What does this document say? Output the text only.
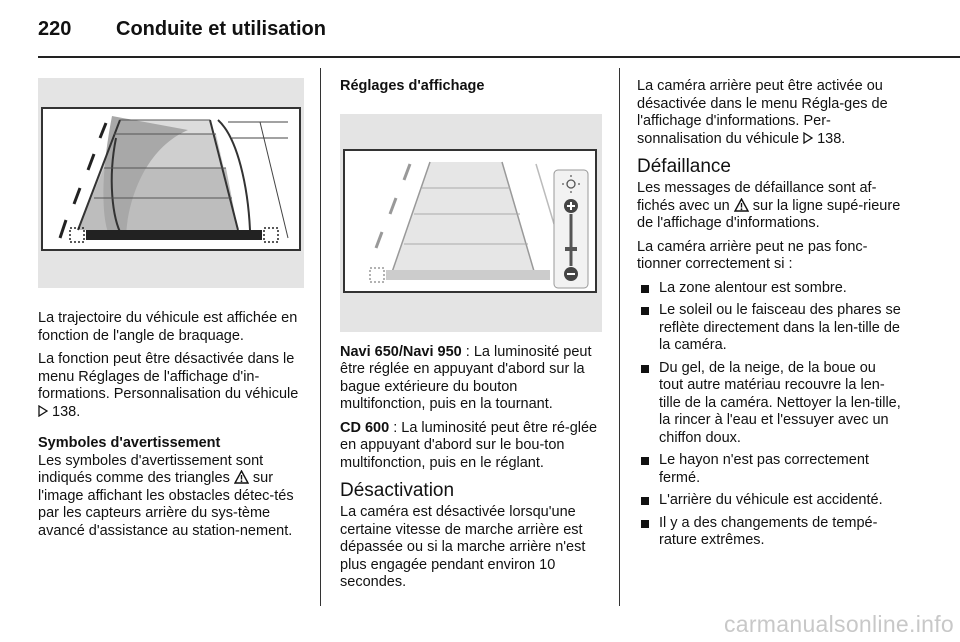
220	Conduite et utilisation

La trajectoire du véhicule est affichée en fonction de l'angle de braquage.

La fonction peut être désactivée dans le menu Réglages de l'affichage d'in-formations. Personnalisation du véhicule  138.

Symboles d'avertissement

Les symboles d'avertissement sont indiqués comme des triangles sur l'image affichant les obstacles détec-tés par les capteurs arrière du sys-tème avancé d'assistance au station-nement.

Réglages d'affichage

Navi 650/Navi 950 : La luminosité peut être réglée en appuyant d'abord sur la bague extérieure du bouton multifonction, puis en la tournant.

CD 600 : La luminosité peut être ré-glée en appuyant d'abord sur le bou-ton multifonction, puis en le réglant.

Désactivation

La caméra est désactivée lorsqu'une certaine vitesse de marche arrière est dépassée ou si la marche arrière n'est plus engagée pendant environ 10 secondes.

La caméra arrière peut être activée ou désactivée dans le menu Régla-ges de l'affichage d'informations. Per-sonnalisation du véhicule 138.

Défaillance

Les messages de défaillance sont af-fichés avec un sur la ligne supé-rieure de l'affichage d'informations.

La caméra arrière peut ne pas fonc-tionner correctement si :

La zone alentour est sombre.
Le soleil ou le faisceau des phares se reflète directement dans la len-tille de la caméra.
Du gel, de la neige, de la boue ou tout autre matériau recouvre la len-tille de la caméra. Nettoyer la len-tille, la rincer à l'eau et l'essuyer avec un chiffon doux.
Le hayon n'est pas correctement fermé.
L'arrière du véhicule est accidenté.
Il y a des changements de tempé-rature extrêmes.
carmanualsonline.info
